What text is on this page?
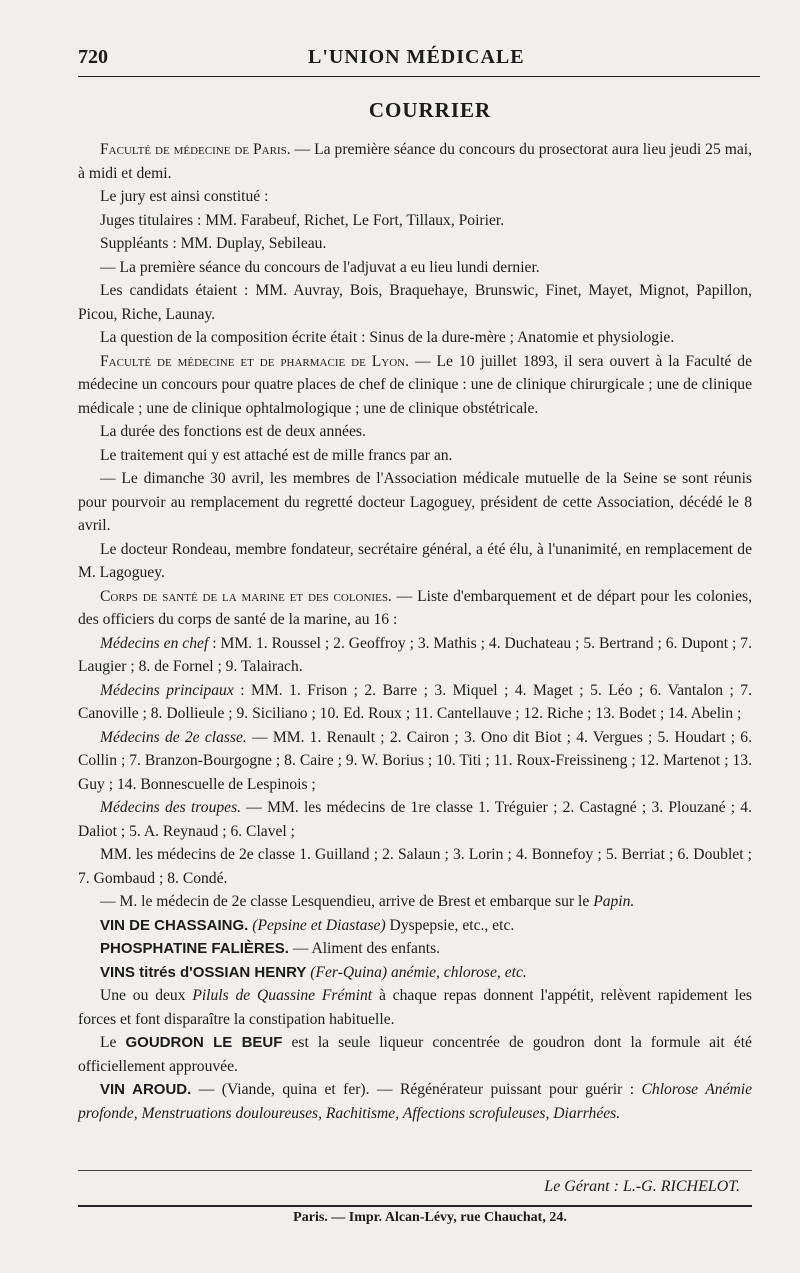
720	L'UNION MÉDICALE
COURRIER

Faculté de médecine de Paris. — La première séance du concours du prosectorat aura lieu jeudi 25 mai, à midi et demi.

Le jury est ainsi constitué :

Juges titulaires : MM. Farabeuf, Richet, Le Fort, Tillaux, Poirier.

Suppléants : MM. Duplay, Sebileau.

— La première séance du concours de l'adjuvat a eu lieu lundi dernier.

Les candidats étaient : MM. Auvray, Bois, Braquehaye, Brunswic, Finet, Mayet, Mignot, Papillon, Picou, Riche, Launay.

La question de la composition écrite était : Sinus de la dure-mère ; Anatomie et physiologie.

Faculté de médecine et de pharmacie de Lyon. — Le 10 juillet 1893, il sera ouvert à la Faculté de médecine un concours pour quatre places de chef de clinique : une de clinique chirurgicale ; une de clinique médicale ; une de clinique ophtalmologique ; une de clinique obstétricale.

La durée des fonctions est de deux années.

Le traitement qui y est attaché est de mille francs par an.

— Le dimanche 30 avril, les membres de l'Association médicale mutuelle de la Seine se sont réunis pour pourvoir au remplacement du regretté docteur Lagoguey, président de cette Association, décédé le 8 avril.

Le docteur Rondeau, membre fondateur, secrétaire général, a été élu, à l'unanimité, en remplacement de M. Lagoguey.

Corps de santé de la marine et des colonies. — Liste d'embarquement et de départ pour les colonies, des officiers du corps de santé de la marine, au 16 :

Médecins en chef : MM. 1. Roussel ; 2. Geoffroy ; 3. Mathis ; 4. Duchateau ; 5. Bertrand ; 6. Dupont ; 7. Laugier ; 8. de Fornel ; 9. Talairach.

Médecins principaux : MM. 1. Frison ; 2. Barre ; 3. Miquel ; 4. Maget ; 5. Léo ; 6. Vantalon ; 7. Canoville ; 8. Dollieule ; 9. Siciliano ; 10. Ed. Roux ; 11. Cantellauve ; 12. Riche ; 13. Bodet ; 14. Abelin ;

Médecins de 2e classe. — MM. 1. Renault ; 2. Cairon ; 3. Ono dit Biot ; 4. Vergues ; 5. Houdart ; 6. Collin ; 7. Branzon-Bourgogne ; 8. Caire ; 9. W. Borius ; 10. Titi ; 11. Roux-Freissineng ; 12. Martenot ; 13. Guy ; 14. Bonnescuelle de Lespinois ;

Médecins des troupes. — MM. les médecins de 1re classe 1. Tréguier ; 2. Castagné ; 3. Plouzané ; 4. Daliot ; 5. A. Reynaud ; 6. Clavel ;

MM. les médecins de 2e classe 1. Guilland ; 2. Salaun ; 3. Lorin ; 4. Bonnefoy ; 5. Berriat ; 6. Doublet ; 7. Gombaud ; 8. Condé.

— M. le médecin de 2e classe Lesquendieu, arrive de Brest et embarque sur le Papin.

VIN DE CHASSAING. (Pepsine et Diastase) Dyspepsie, etc., etc.

PHOSPHATINE FALIÈRES. — Aliment des enfants.

VINS titrés d'OSSIAN HENRY (Fer-Quina) anémie, chlorose, etc.

Une ou deux Piluls de Quassine Frémint à chaque repas donnent l'appétit, relèvent rapidement les forces et font disparaître la constipation habituelle.

Le GOUDRON LE BEUF est la seule liqueur concentrée de goudron dont la formule ait été officiellement approuvée.

VIN AROUD. — (Viande, quina et fer). — Régénérateur puissant pour guérir : Chlorose Anémie profonde, Menstruations douloureuses, Rachitisme, Affections scrofuleuses, Diarrhées.

Le Gérant : L.-G. RICHELOT.
Paris. — Impr. Alcan-Lévy, rue Chauchat, 24.
